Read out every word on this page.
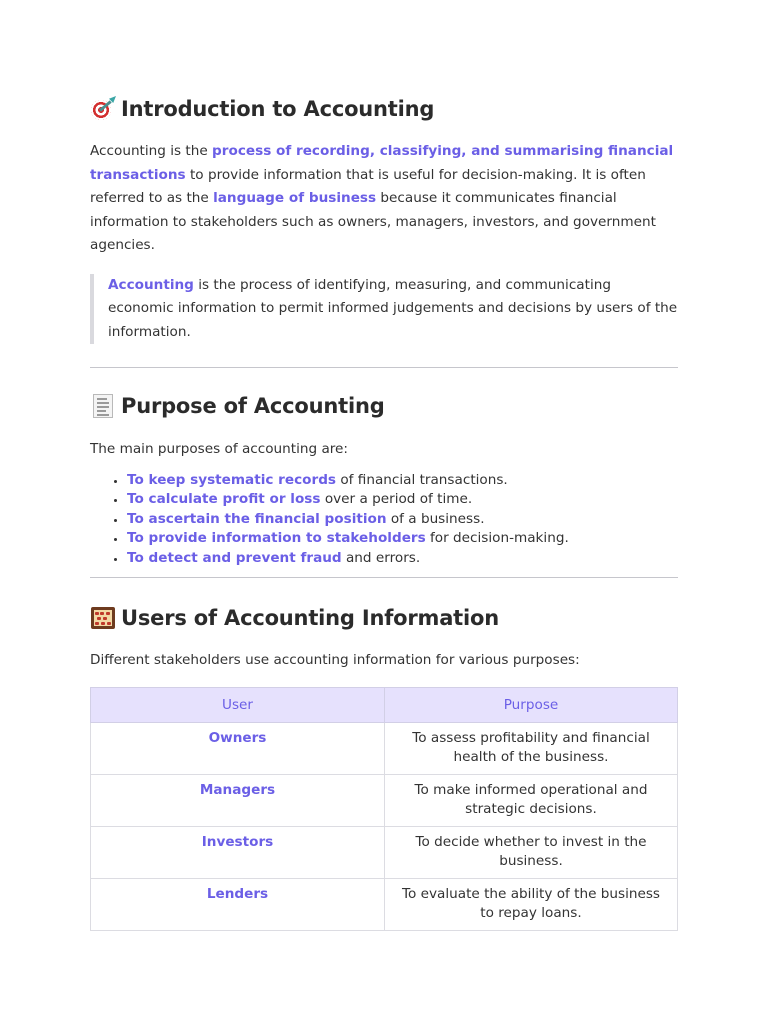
Introduction to Accounting

Accounting is the process of recording, classifying, and summarising financial transactions to provide information that is useful for decision-making. It is often referred to as the language of business because it communicates financial information to stakeholders such as owners, managers, investors, and government agencies.

Accounting is the process of identifying, measuring, and communicating economic information to permit informed judgements and decisions by users of the information.
Purpose of Accounting

The main purposes of accounting are:

• To keep systematic records of financial transactions.
• To calculate profit or loss over a period of time.
• To ascertain the financial position of a business.
• To provide information to stakeholders for decision-making.
• To detect and prevent fraud and errors.
Users of Accounting Information

Different stakeholders use accounting information for various purposes:

User	Purpose
Owners	To assess profitability and financial health of the business.
Managers	To make informed operational and strategic decisions.
Investors	To decide whether to invest in the business.
Lenders	To evaluate the ability of the business to repay loans.
